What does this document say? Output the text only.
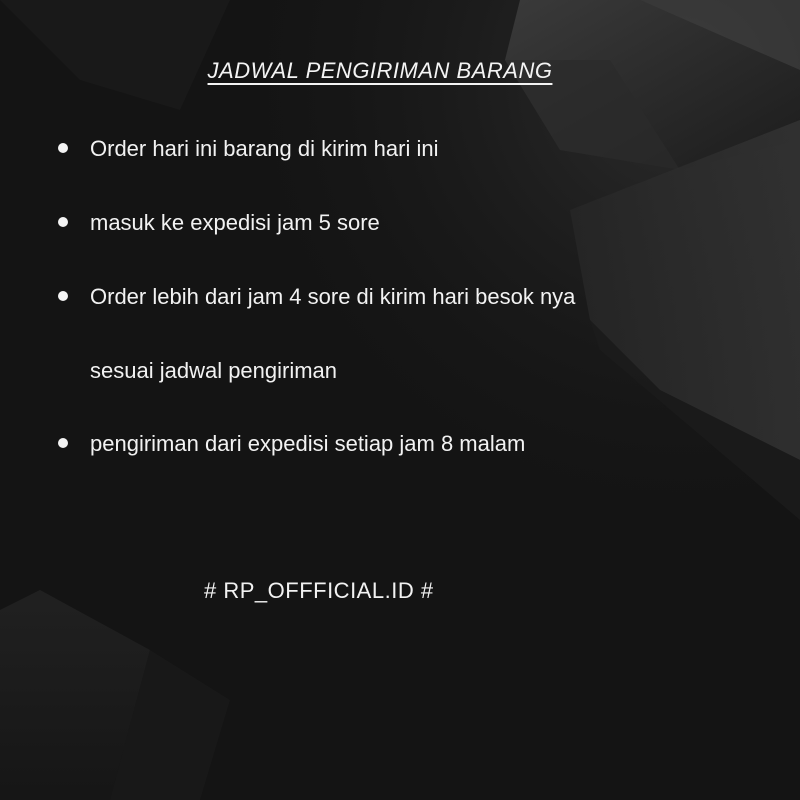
JADWAL PENGIRIMAN BARANG
Order hari ini barang di kirim hari ini
masuk ke expedisi jam 5 sore
Order lebih dari jam 4 sore di kirim hari besok nya
sesuai jadwal pengiriman
pengiriman dari expedisi setiap jam 8 malam
# RP_OFFFICIAL.ID #
